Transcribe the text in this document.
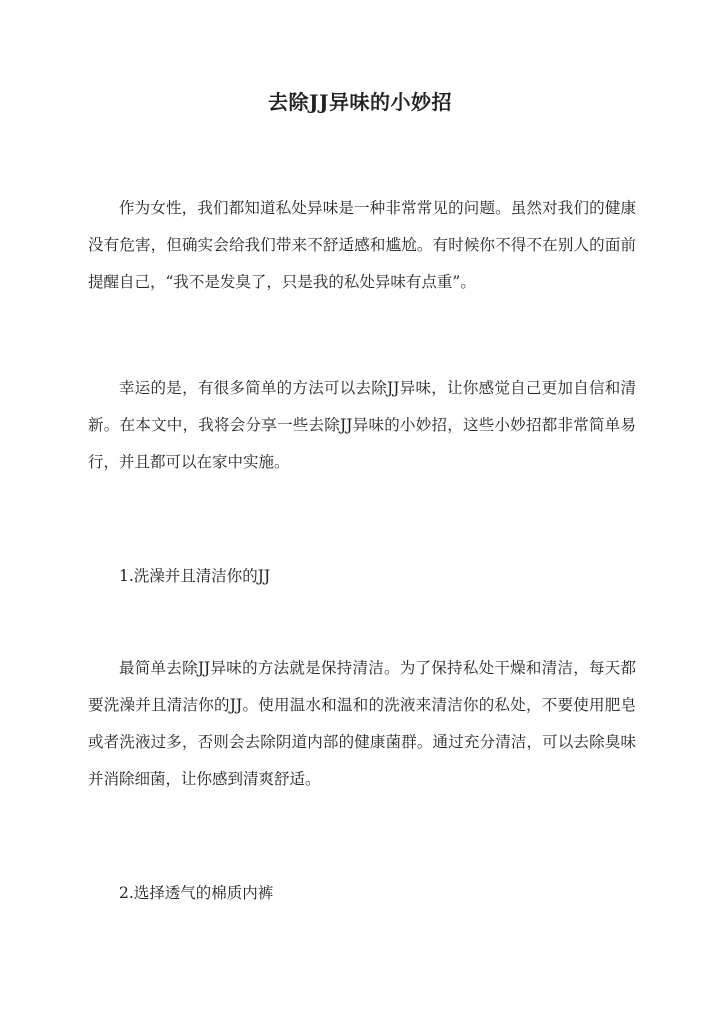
去除JJ异味的小妙招

作为女性，我们都知道私处异味是一种非常常见的问题。虽然对我们的健康没有危害，但确实会给我们带来不舒适感和尴尬。有时候你不得不在别人的面前提醒自己，“我不是发臭了，只是我的私处异味有点重”。

幸运的是，有很多简单的方法可以去除JJ异味，让你感觉自己更加自信和清新。在本文中，我将会分享一些去除JJ异味的小妙招，这些小妙招都非常简单易行，并且都可以在家中实施。

1.洗澡并且清洁你的JJ

最简单去除JJ异味的方法就是保持清洁。为了保持私处干燥和清洁，每天都要洗澡并且清洁你的JJ。使用温水和温和的洗液来清洁你的私处，不要使用肥皂或者洗液过多，否则会去除阴道内部的健康菌群。通过充分清洁，可以去除臭味并消除细菌，让你感到清爽舒适。

2.选择透气的棉质内裤
